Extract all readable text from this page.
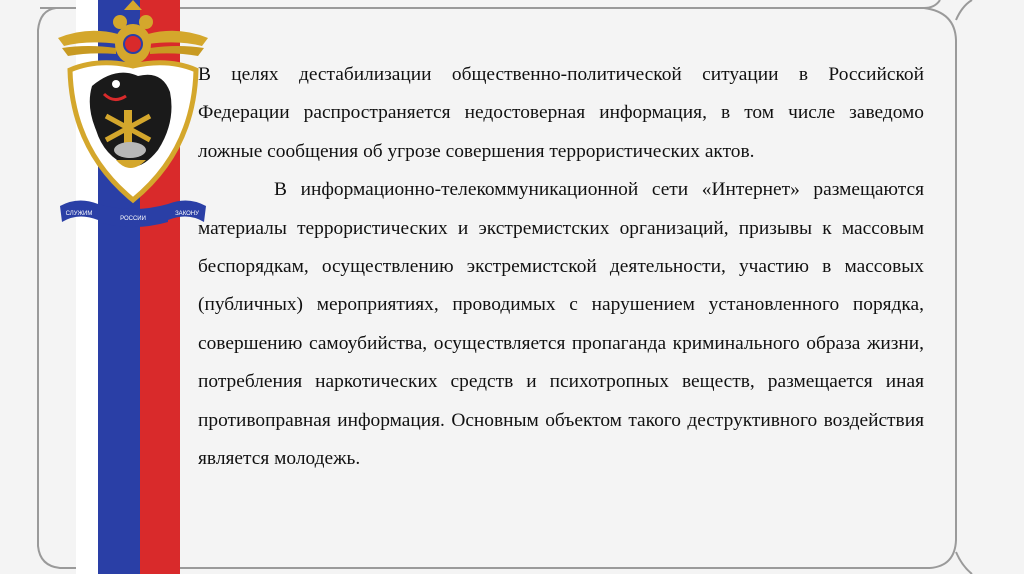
СЛУЖИМ
РОССИИ
ЗАКОНУ

В целях дестабилизации общественно-политической ситуации в Российской Федерации распространяется недостоверная информация, в том числе заведомо ложные сообщения об угрозе совершения террористических актов.

В информационно-телекоммуникационной сети «Интернет» размещаются материалы террористических и экстремистских организаций, призывы к массовым беспорядкам, осуществлению экстремистской деятельности, участию в массовых (публичных) мероприятиях, проводимых с нарушением установленного порядка, совершению самоубийства, осуществляется пропаганда криминального образа жизни, потребления наркотических средств и психотропных веществ, размещается иная противоправная информация. Основным объектом такого деструктивного воздействия является молодежь.
